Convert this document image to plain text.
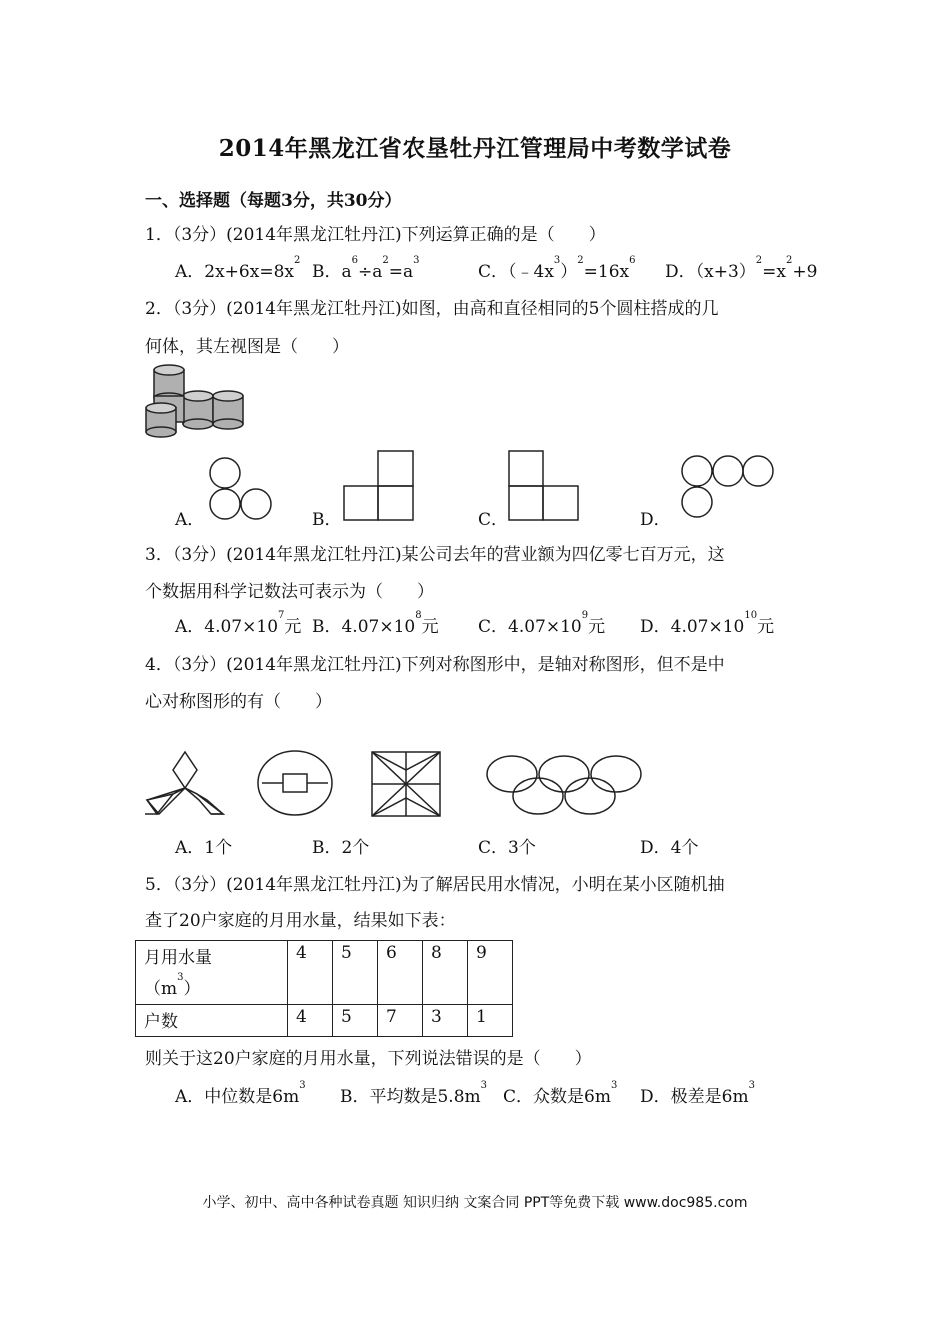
2014年黑龙江省农垦牡丹江管理局中考数学试卷
一、选择题（每题3分，共30分）
1．（3分）(2014年黑龙江牡丹江)下列运算正确的是（　　）
A．$2x+6x=8x^2$
B．$a^6\div a^2=a^3$
C．$(﹣4x^3)^2=16x^6$
D．$(x+3)^2=x^2+9$
2．（3分）(2014年黑龙江牡丹江)如图，由高和直径相同的5个圆柱搭成的几
何体，其左视图是（　　）
A．	B．	C．	D．
3．（3分）(2014年黑龙江牡丹江)某公司去年的营业额为四亿零七百万元，这
个数据用科学记数法可表示为（　　）
A．$4.07\times 10^7$元 B．$4.07\times 10^8$元 C．$4.07\times 10^9$元 D．$4.07\times 10^{10}$元
4．（3分）(2014年黑龙江牡丹江)下列对称图形中，是轴对称图形，但不是中
心对称图形的有（　　）
A．1个	B．2个	C．3个	D．4个
5．（3分）(2014年黑龙江牡丹江)为了解居民用水情况，小明在某小区随机抽
查了20户家庭的月用水量，结果如下表：
月用水量
$(m^3)$	4	5	6	8	9
户数	4	5	7	3	1
则关于这20户家庭的月用水量，下列说法错误的是（　　）
A．中位数是$6m^3$
B．平均数是$5.8m^3$
C．众数是$6m^3$
D．极差是$6m^3$
小学、初中、高中各种试卷真题 知识归纳 文案合同 PPT等免费下载 www.doc985.com
